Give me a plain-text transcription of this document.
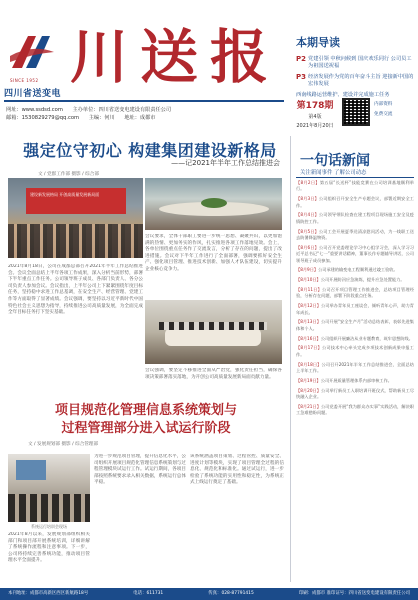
SINCE 1952
四川省送变电
川送报
网址：www.ssdsd.com 主办单位：四川省送变电建设有限责任公司
邮箱：1530829279@qq.com 主编：何川 地址：成都市
本期导读
P2 党建引领 中秋问候到 国庆欢乐同行 公司员工为祖国送祝福
P3 经济发展作为党的百年奋斗主旨 迎接新中国的宏伟发展
西南线路运营维护、建设并完成施工任务
第178期
第4版
2021年8月20日
内部资料
免费交流
强定位守初心 构建集团建设新格局
——记2021年半年工作总结推进会
文 / 党群工作部 摄影 / 综合部
建设新发展格局 开创高质量发展新局面
2021年8月18日，公司在成都总部召开2021年半年工作总结推进会。会议全面总结上半年各项工作成果，深入分析当前形势，部署下半年重点工作任务。公司领导班子成员、各部门负责人、各分公司负责人参加会议。会议指出，上半年公司上下紧紧围绕年度目标任务，坚持稳中求进工作总基调，在安全生产、经营管理、党建工作等方面取得了显著成绩。会议强调，要坚持以习近平新时代中国特色社会主义思想为指导，持续推进公司高质量发展，为全面完成全年目标任务打下坚实基础。
会议要求，全体干部职工要进一步统一思想、凝聚共识，以更加饱满的热情、更加务实的作风，扎实推进各项工作落地见效。会上，各单位围绕重点任务作了交流发言，分析了存在的问题，提出了改进措施。会议对下半年工作进行了全面部署，强调要抓好安全生产、强化项目管理、推进技术创新、加强人才队伍建设，切实提升企业核心竞争力。
会议强调，要坚定不移推进全面从严治党，强化责任担当，确保各项决策部署落实落地，为开创公司高质量发展新局面贡献力量。
项目规范化管理信息系统策划与
过程管理部分进入试运行阶段
文 / 发展规划部 摄影 / 综合管理部
系统运行培训会现场
为进一步规范项目管理，提升信息化水平，公司组织开展项目规范化管理信息系统策划与过程管理模块试运行工作。试运行期间，各项目部按照系统要求录入相关数据，系统运行总体平稳。
该系统涵盖项目策划、过程管控、质量安全、进度计划等模块，实现了项目管理全过程的信息化、规范化和标准化。通过试运行，进一步检验了系统功能的实用性和稳定性，为系统正式上线运行奠定了基础。
2021年8月以来，发展规划部组织相关部门和项目部开展系统培训，详细讲解了系统操作流程和注意事项。下一步，公司将持续完善系统功能，推动项目管理水平全面提升。
一句话新闻
关注新闻事件 了解公司动态
【8月2日】第五届“长送杯”技能竞赛在公司培训基地顺利举行。
【8月3日】公司组织召开安全生产专题会议，部署近期安全工作。
【8月4日】公司领导带队检查在建工程项目现场施工安全及疫情防控工作。
【8月5日】公司工会开展夏季送清凉慰问活动，为一线职工送去防暑降温物资。
【8月6日】公司召开党委理论学习中心组学习会，深入学习习近平总书记“七一”重要讲话精神，董事长作专题辅导讲话，公司领导班子成员参加。
【8月9日】公司承建的输变电工程顺利通过竣工验收。
【8月10日】公司开展防汛应急演练，提升应急处置能力。
【8月11日】公司召开项目管理工作推进会，总结项目管理经验，分析存在问题，部署下阶段重点任务。
【8月12日】公司举办青年员工座谈会，倾听青年心声，助力青年成长。
【8月13日】公司开展“安全生产月”活动总结表彰，表彰先进集体和个人。
【8月16日】公司组织开展廉洁从业专题教育，筑牢思想防线。
【8月17日】公司技术中心牵头完成多项技术创新成果申报工作。
【8月18日】公司召开2021年半年工作总结推进会，全面总结上半年工作。
【8月19日】公司开展质量管理体系内部审核工作。
【8月20日】公司举行新员工入职培训开班仪式，帮助新员工尽快融入企业。
【8月21日】公司党委开展“我为群众办实事”实践活动，解决职工急难愁盼问题。
本刊地址：成都市高新区西区新航路18号	电话：611731	传真：028-87791415	印刷：成都市 准印证号：四川省送变电建设有限责任公司
